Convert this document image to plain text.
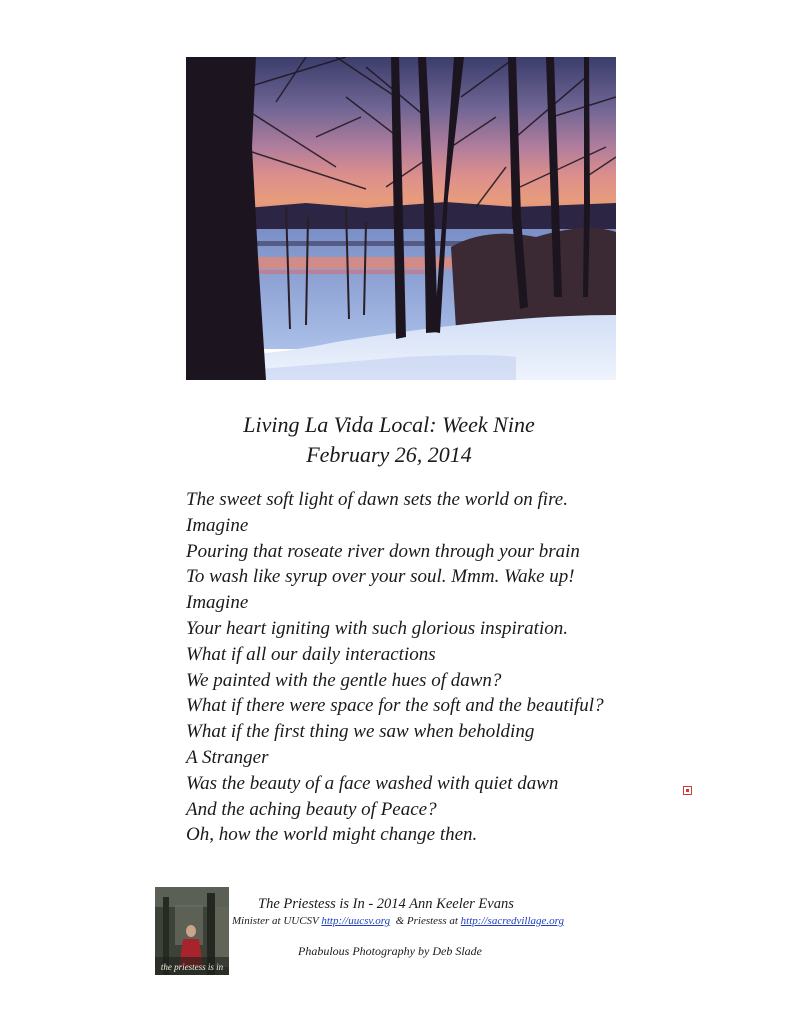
Living La Vida Local: Week Nine
February 26, 2014
The sweet soft light of dawn sets the world on fire.
Imagine
Pouring that roseate river down through your brain
To wash like syrup over your soul. Mmm. Wake up!
Imagine
Your heart igniting with such glorious inspiration.
What if all our daily interactions
We painted with the gentle hues of dawn?
What if there were space for the soft and the beautiful?
What if the first thing we saw when beholding
A Stranger
Was the beauty of a face washed with quiet dawn
And the aching beauty of Peace?
Oh, how the world might change then.
the priestess is in
The Priestess is In - 2014 Ann Keeler Evans
Minister at UUCSV http://uucsv.org & Priestess at http://sacredvillage.org
Phabulous Photography by Deb Slade
